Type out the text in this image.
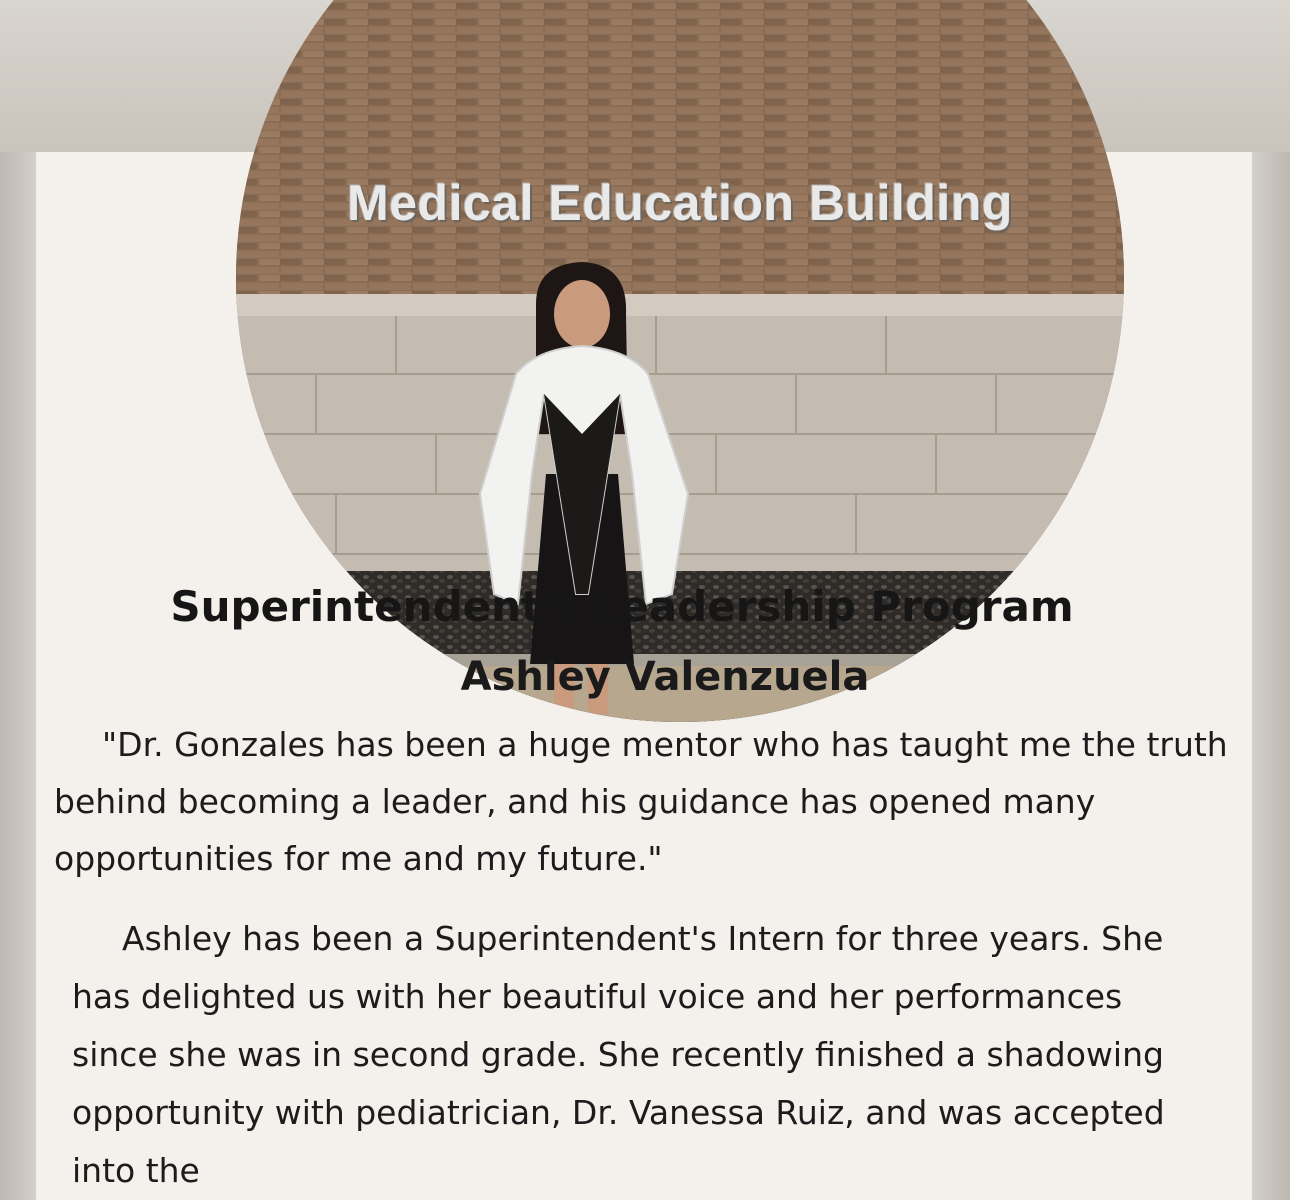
Medical Education Building
Superintendent's Leadership Program
Ashley Valenzuela

"Dr. Gonzales has been a huge mentor who has taught me the truth  behind becoming a leader, and his guidance has opened many opportunities for me and my future."

Ashley has been a Superintendent's Intern for three years. She has delighted us with her beautiful voice and her performances since she was in second grade. She recently finished a shadowing opportunity with pediatrician, Dr. Vanessa Ruiz, and was accepted into the
